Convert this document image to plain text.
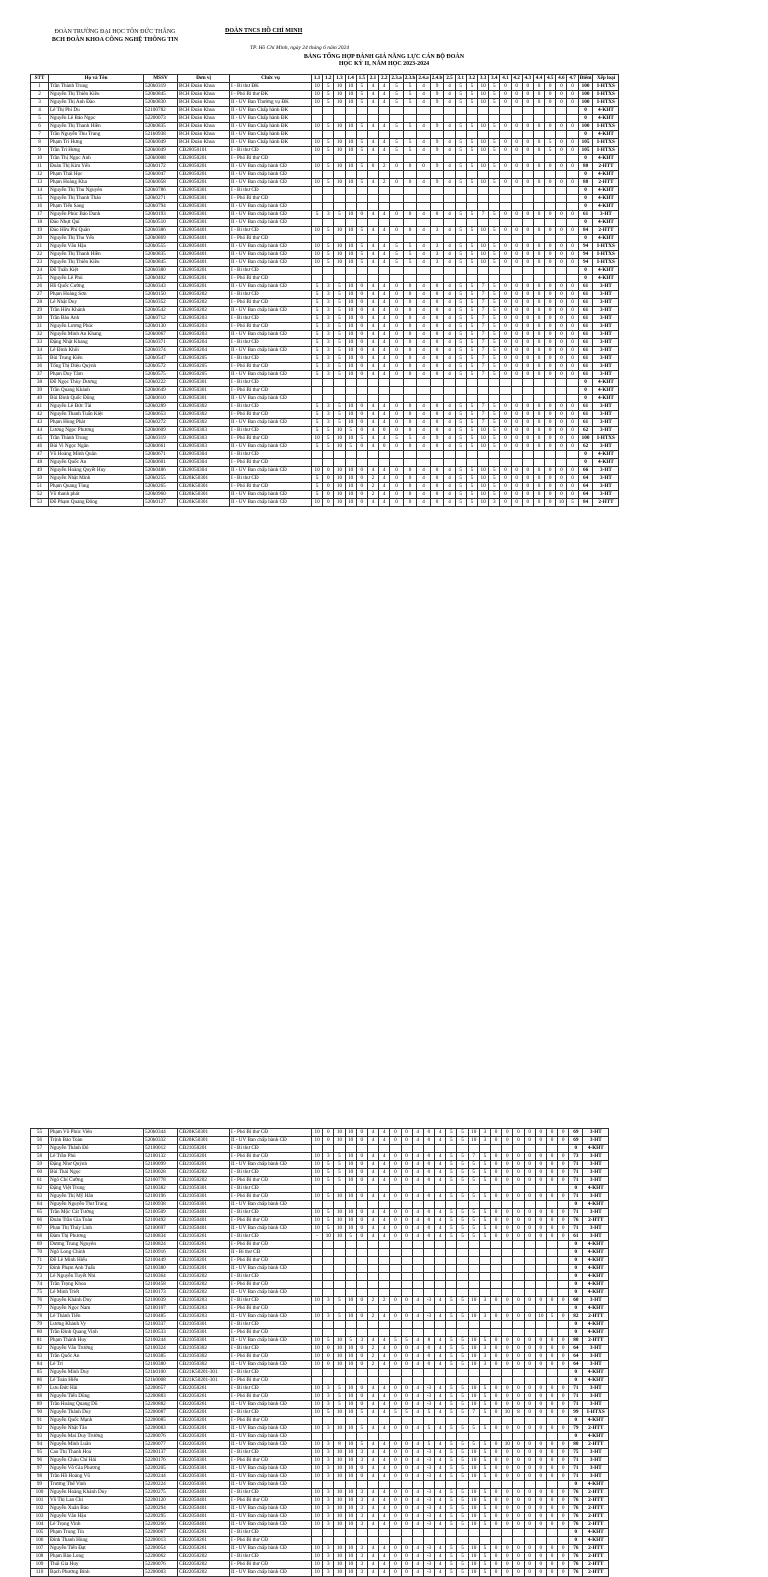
ĐOÀN TRƯỜNG ĐẠI HỌC TÔN ĐỨC THẮNG
BCH ĐOÀN KHOA CÔNG NGHỆ THÔNG TIN
ĐOÀN TNCS HỒ CHÍ MINH
TP. Hồ Chí Minh, ngày 24 tháng 6 năm 2024
BẢNG TỔNG HỢP ĐÁNH GIÁ NĂNG LỰC CÁN BỘ ĐOÀN
HỌC KỲ II, NĂM HỌC 2023-2024
STT	Họ và Tên	MSSV	Đơn vị	Chức vụ	1.1	1.2	1.3	1.4	1.5	2.1	2.2	2.3.a	2.3.b	2.4.a	2.4.b	2.5	3.1	3.2	3.3	3.4	4.1	4.2	4.3	4.4	4.5	4.6	4.7	Điểm	Xếp loại
1	Trần Thành Trung	520h0319	BCH Đoàn Khoa	I - Bí thư ĐK	10	5	10	10	5	4	4	5	5	4	9	4	5	5	10	5	0	0	0	0	0	0	0	100	I-HTXS
2	Nguyễn Thị Thiên Kiều	520h0845	BCH Đoàn Khoa	I - Phó Bí thư ĐK	10	5	10	10	5	4	4	5	5	4	9	4	5	5	10	5	0	0	0	0	0	0	0	100	I-HTXS
3	Nguyễn Thị Anh Đào	520h0830	BCH Đoàn Khoa	II - UV Ban Thường vụ ĐK	10	5	10	10	5	4	4	5	5	4	9	4	5	5	10	5	0	0	0	0	0	0	0	100	I-HTXS
4	Lê Thị Phi Du	52100782	BCH Đoàn Khoa	II - UV Ban Chấp hành ĐK																								0	4-KHT
5	Nguyễn Lê Bảo Ngọc	52200073	BCH Đoàn Khoa	II - UV Ban Chấp hành ĐK																								0	4-KHT
6	Nguyễn Thị Thanh Hiền	520h0835	BCH Đoàn Khoa	II - UV Ban Chấp hành ĐK	10	5	10	10	5	4	4	5	5	4	9	4	5	5	10	5	0	0	0	0	0	0	0	100	I-HTXS
7	Trần Nguyễn Thu Trang	521h0938	BCH Đoàn Khoa	II - UV Ban Chấp hành ĐK																								0	4-KHT
8	Phạm Trí Hưng	520h0049	BCH Đoàn Khoa	II - UV Ban Chấp hành ĐK	10	5	10	10	5	4	4	5	5	4	9	4	5	5	10	5	0	0	0	0	5	0	0	105	I-HTXS
9	Trần Trí Hưng	520h0049	CĐ20050101	I - Bí thư CĐ	10	5	10	10	5	4	4	5	5	4	9	4	5	5	10	5	0	0	0	0	5	0	0	105	I-HTXS
10	Trần Thị Ngọc Ánh	520h0008	CĐ20050201	I - Phó Bí thư CĐ																								0	4-KHT
11	Đoàn Thị Kim Yến	520h0172	CĐ20050201	II - UV Ban chấp hành CĐ	10	5	10	10	5	0	2	0	0	0	9	4	5	5	10	5	0	0	0	0	0	0	0	80	2-HTT
12	Phạm Thái Học	520h0047	CĐ20050201	II - UV Ban chấp hành CĐ																								0	4-KHT
13	Phạm Hoàng Kha	520h0058	CĐ20050201	II - UV Ban chấp hành CĐ	10	5	10	10	5	4	2	0	0	4	9	4	5	5	10	5	0	0	0	0	0	0	0	88	2-HTT
14	Nguyễn Thị Thu Nguyên	520h0786	CĐ20050301	I - Bí thư CĐ																								0	4-KHT
15	Nguyễn Thị Thanh Thảo	520h0271	CĐ20050301	I - Phó Bí thư CĐ																								0	4-KHT
16	Phạm Tiến Sang	520h0794	CĐ20050301	II - UV Ban chấp hành CĐ																								0	4-KHT
17	Nguyễn Phúc Bảo Danh	520h0193	CĐ20050301	II - UV Ban chấp hành CĐ	5	3	5	10	0	4	4	0	0	4	0	4	5	5	7	5	0	0	0	0	0	0	0	61	3-HT
18	Đào Nhựt Quí	520h0510	CĐ20050301	II - UV Ban chấp hành CĐ																								0	4-KHT
19	Đào Hữu Phi Quân	520h0386	CĐ20050401	I - Bí thư CĐ	10	5	10	10	5	4	4	0	0	4	3	4	5	5	10	5	0	0	0	0	0	0	0	84	2-HTT
20	Nguyễn Thị Thu Yến	520h0869	CĐ20050401	I - Phó Bí thư CĐ																								0	4-KHT
21	Nguyễn Văn Hậu	520h0555	CĐ20050401	II - UV Ban chấp hành CĐ	10	5	10	10	5	4	4	5	5	4	3	4	5	5	10	5	0	0	0	0	0	0	0	94	I-HTXS
22	Nguyễn Thị Thanh Hiền	520h0835	CĐ20050401	II - UV Ban chấp hành CĐ	10	5	10	10	5	4	4	5	5	4	3	4	5	5	10	5	0	0	0	0	0	0	0	94	I-HTXS
23	Nguyễn Thị Thiên Kiều	520h0845	CĐ20050401	II - UV Ban chấp hành CĐ	10	5	10	10	5	4	4	5	5	4	3	4	5	5	10	5	0	0	0	0	0	0	0	94	I-HTXS
24	Đỗ Tuấn Kiệt	520h0380	CĐ20050201	I - Bí thư CĐ																								0	4-KHT
25	Nguyễn Lê Phú	520h0402	CĐ20050201	I - Phó Bí thư CĐ																								0	4-KHT
26	Hồ Quốc Cường	520h0343	CĐ20050201	II - UV Ban chấp hành CĐ	5	3	5	10	0	4	4	0	0	4	0	4	5	5	7	5	0	0	0	0	0	0	0	61	3-HT
27	Phạm Hoàng Sơn	520h0150	CĐ20050202	I - Bí thư CĐ	5	3	5	10	0	4	4	0	0	4	0	4	5	5	7	5	0	0	0	0	0	0	0	61	3-HT
28	Lê Nhật Duy	520h0352	CĐ20050202	I - Phó Bí thư CĐ	5	3	5	10	0	4	4	0	0	4	0	4	5	5	7	5	0	0	0	0	0	0	0	61	3-HT
29	Trần Hữu Khánh	520h0542	CĐ20050202	II - UV Ban chấp hành CĐ	5	3	5	10	0	4	4	0	0	4	0	4	5	5	7	5	0	0	0	0	0	0	0	61	3-HT
30	Trần Bảo Anh	520h0712	CĐ20050203	I - Bí thư CĐ	5	3	5	10	0	4	4	0	0	4	0	4	5	5	7	5	0	0	0	0	0	0	0	61	3-HT
31	Nguyễn Lương Phúc	520h0130	CĐ20050203	I - Phó Bí thư CĐ	5	3	5	10	0	4	4	0	0	4	0	4	5	5	7	5	0	0	0	0	0	0	0	61	3-HT
32	Nguyễn Minh An Khang	520h0067	CĐ20050203	II - UV Ban chấp hành CĐ	5	3	5	10	0	4	4	0	0	4	0	4	5	5	7	5	0	0	0	0	0	0	0	61	3-HT
33	Đặng Nhật Khang	520h0371	CĐ20050204	I - Bí thư CĐ	5	3	5	10	0	4	4	0	0	4	0	4	5	5	7	5	0	0	0	0	0	0	0	61	3-HT
34	Lê Đình Khôi	520h0374	CĐ20050204	II - UV Ban chấp hành CĐ	5	3	5	10	0	4	4	0	0	4	0	4	5	5	7	5	0	0	0	0	0	0	0	61	3-HT
35	Bùi Trung Kiên	520h0547	CĐ20050205	I - Bí thư CĐ	5	3	5	10	0	4	4	0	0	4	0	4	5	5	7	5	0	0	0	0	0	0	0	61	3-HT
36	Tống Thị Diệu Quỳnh	520h0572	CĐ20050205	I - Phó Bí thư CĐ	5	3	5	10	0	4	4	0	0	4	0	4	5	5	7	5	0	0	0	0	0	0	0	61	3-HT
37	Phạm Duy Tâm	520h0575	CĐ20050205	II - UV Ban chấp hành CĐ	5	3	5	10	0	4	4	0	0	4	0	4	5	5	7	5	0	0	0	0	0	0	0	61	3-HT
38	Đỗ Ngọc Thùy Dương	520h0222	CĐ20050301	I - Bí thư CĐ																								0	4-KHT
39	Trần Quang Khánh	520h0649	CĐ20050301	I - Phó Bí thư CĐ																								0	4-KHT
40	Bùi Đình Quốc Đông	520h0610	CĐ20050301	II - UV Ban chấp hành CĐ																								0	4-KHT
41	Nguyễn Lê Đức Tài	520h0289	CĐ20050302	I - Bí thư CĐ	5	3	5	10	0	4	4	0	0	4	0	4	5	5	7	5	0	0	0	0	0	0	0	61	3-HT
42	Nguyễn Thanh Tuấn Kiệt	520h0653	CĐ20050302	I - Phó Bí thư CĐ	5	3	5	10	0	4	4	0	0	4	0	4	5	5	7	5	0	0	0	0	0	0	0	61	3-HT
43	Phạm Hùng Phát	520h0272	CĐ20050302	II - UV Ban chấp hành CĐ	5	3	5	10	0	4	4	0	0	4	0	4	5	5	7	5	0	0	0	0	0	0	0	61	3-HT
44	Lương Ngọc Phương	520h0609	CĐ20050303	I - Bí thư CĐ	5	5	10	5	0	4	0	0	0	4	0	4	5	5	10	5	0	0	0	0	0	0	0	62	3-HT
45	Trần Thành Trung	520h0319	CĐ20050303	I - Phó Bí thư CĐ	10	5	10	10	5	4	4	5	5	4	9	4	5	5	10	5	0	0	0	0	0	0	0	100	I-HTXS
46	Bùi Vi Ngọc Ngân	520h0661	CĐ20050303	II - UV Ban chấp hành CĐ	5	5	10	5	0	4	0	0	0	4	0	4	5	5	10	5	0	0	0	0	0	0	0	62	3-HT
47	Võ Hoàng Minh Quân	520h0671	CĐ20050304	I - Bí thư CĐ																								0	4-KHT
48	Nguyễn Quốc An	520h0601	CĐ20050304	I - Phó Bí thư CĐ																								0	4-KHT
49	Nguyễn Hoàng Quyết Huy	520h0486	CĐ20050304	II - UV Ban chấp hành CĐ	10	0	10	10	0	4	4	0	0	4	0	4	5	5	10	5	0	0	0	0	0	0	0	66	3-HT
50	Nguyễn Nhật Minh	520h0255	CĐ20K50301	I - Bí thư CĐ	5	0	10	10	0	2	4	0	0	4	0	4	5	5	10	5	0	0	0	0	0	0	0	64	3-HT
51	Phạm Quang Tùng	520h0265	CĐ20K50301	I - Phó Bí thư CĐ	5	0	10	10	0	2	4	0	0	4	0	4	5	5	10	5	0	0	0	0	0	0	0	64	3-HT
52	Võ thanh phát	520h0960	CĐ20K50301	II - UV Ban chấp hành CĐ	5	0	10	10	0	2	4	0	0	4	0	4	5	5	10	5	0	0	0	0	0	0	0	64	3-HT
53	Đỗ Phạm Quang Đông	520h0127	CĐ20K50301	II - UV Ban chấp hành CĐ	10	0	10	10	0	4	4	0	0	4	0	4	5	5	10	3	0	0	0	0	0	10	5	84	2-HTT
55	Phạm Võ Phúc Viên	520h0344	CĐ20K50301	I - Phó Bí thư CĐ	10	0	10	10	0	4	4	0	0	4	0	4	5	5	10	3	0	0	0	0	0	0	0	69	3-HT
56	Trịnh Bảo Toàn	520h0332	CĐ20K50301	II - UV Ban chấp hành CĐ	10	0	10	10	0	4	4	0	0	4	0	4	5	5	10	3	0	0	0	0	0	0	0	69	3-HT
57	Nguyễn Thành Đô	52100012	CĐ21050201	I - Bí thư CĐ																								0	4-KHT
58	Lê Trần Phú	52100132	CĐ21050201	I - Phó Bí thư CĐ	10	3	5	10	0	4	4	0	0	4	0	4	5	5	7	5	0	0	0	0	0	0	0	73	3-HT
59	Đặng Như Quỳnh	52100099	CĐ21050201	II - UV Ban chấp hành CĐ	10	5	5	10	0	4	4	0	0	4	0	4	5	5	5	5	0	0	0	0	0	0	0	71	3-HT
60	Bùi Thái Ngọc	52100028	CĐ21050202	I - Bí thư CĐ	10	5	5	10	0	4	4	0	0	4	0	4	5	5	5	5	0	0	0	0	0	0	0	71	3-HT
61	Ngô Chí Cường	52100778	CĐ21050202	I - Phó Bí thư CĐ	10	5	5	10	0	4	4	0	0	4	0	4	5	5	5	5	0	0	0	0	0	0	0	71	3-HT
62	Đặng Việt Trung	52100382	CĐ21050301	I - Bí thư CĐ																								0	4-KHT
63	Nguyễn Thị Mỹ Hân	52100196	CĐ21050301	I - Phó Bí thư CĐ	10	5	10	10	0	4	4	0	0	4	0	4	5	5	5	5	0	0	0	0	0	0	0	71	3-HT
64	Nguyễn Nguyễn Thư Trang	52100938	CĐ21050301	II - UV Ban chấp hành CĐ																								0	4-KHT
65	Trần Mộc Cát Tường	52100509	CĐ21050401	I - Bí thư CĐ	10	5	10	10	0	4	4	0	0	4	0	4	5	5	5	5	0	0	0	0	0	0	0	71	3-HT
66	Đoàn Trần Gia Toàn	52100492	CĐ21050401	I - Phó Bí thư CĐ	10	5	10	10	0	4	4	0	0	4	0	4	5	5	5	5	0	0	0	0	0	0	0	76	2-HTT
67	Phan Thị Thúy Linh	52100697	CĐ21050401	II - UV Ban chấp hành CĐ	10	5	10	10	0	4	4	0	0	4	0	4	5	5	5	5	0	0	0	0	0	0	0	71	3-HT
68	Đàm Thị Phương	52100834	CĐ21050261	I - Bí thư CĐ	-	10	10	5	0	4	4	0	0	4	0	4	5	5	5	5	0	0	0	0	0	0	0	61	3-HT
69	Dương Trung Nguyên	52100824	CĐ21050261	I - Phó Bí thư CĐ																								0	4-KHT
70	Ngô Long Chính	52100916	CĐ21050261	II - Bí thư CĐ																								0	4-KHT
71	Đỗ Lê Minh Hiếu	52100449	CĐ21050201	I - Phó Bí thư CĐ																								0	4-KHT
72	Đinh Phạm Anh Tuấn	52100380	CĐ21050201	II - UV Ban chấp hành CĐ																								0	4-KHT
73	Lê Nguyễn Tuyết Nhi	52100364	CĐ21050202	I - Bí thư CĐ																								0	4-KHT
74	Trần Trọng Khoa	52100458	CĐ21050202	I - Phó Bí thư CĐ																								0	4-KHT
75	Lê Minh Triết	52100173	CĐ21050202	II - UV Ban chấp hành CĐ																								0	4-KHT
76	Nguyễn Khánh Duy	52100039	CĐ21050203	I - Bí thư CĐ	10	3	5	10	0	2	2	0	0	4	-3	4	5	5	10	3	0	0	0	0	0	0	0	60	3-HT
77	Nguyễn Ngọc Nam	52100107	CĐ21050203	I - Phó Bí thư CĐ																								0	4-KHT
78	Lê Thành Tiến	52100485	CĐ21050203	II - UV Ban chấp hành CĐ	10	3	5	10	0	2	4	0	0	4	-3	4	5	5	10	3	0	0	0	0	10	5	0	82	2-HTT
79	Lương Khánh Vy	52100337	CĐ21050301	I - Bí thư CĐ																								0	4-KHT
80	Trần Đình Quang Vinh	52100533	CĐ21050301	I - Phó Bí thư CĐ																								0	4-KHT
81	Phạm Thành Huy	52100244	CĐ21050301	II - UV Ban chấp hành CĐ	10	5	10	5	3	4	4	5	5	4	8	4	5	5	10	5	0	0	0	0	0	0	0	88	2-HTT
82	Nguyễn Văn Trường	52100324	CĐ21050302	I - Bí thư CĐ	10	0	10	10	0	2	4	0	0	4	0	4	5	5	10	3	0	0	0	0	0	0	0	64	3-HT
83	Trần Quốc An	52100385	CĐ21050302	I - Phó Bí thư CĐ	10	0	10	10	0	2	4	0	0	4	0	4	5	5	10	3	0	0	0	0	0	0	0	64	3-HT
84	Lê Trí	52100380	CĐ21050302	II - UV Ban chấp hành CĐ	10	0	10	10	0	2	4	0	0	4	0	4	5	5	10	3	0	0	0	0	0	0	0	64	3-HT
85	Nguyễn Minh Duy	521h0100	CĐ21K50201-301	I - Bí thư CĐ																								0	4-KHT
86	Lê Toàn Hiếu	521h0008	CĐ21K50201-301	I - Phó Bí thư CĐ																								0	4-KHT
87	Lưu Đức Hải	52200657	CĐ22050261	I - Bí thư CĐ	10	3	5	10	0	4	4	0	0	4	-3	4	5	5	10	5	0	0	0	0	0	0	0	71	3-HT
88	Nguyễn Tiến Dũng	52200883	CĐ22050261	I - Phó Bí thư CĐ	10	3	5	10	0	4	4	0	0	4	-3	4	5	5	10	5	0	0	0	0	0	0	0	71	3-HT
89	Trần Hoàng Quang Dũ	52200882	CĐ22050261	II - UV Ban chấp hành CĐ	10	3	5	10	0	4	4	0	0	4	-3	4	5	5	10	5	0	0	0	0	0	0	0	71	3-HT
90	Nguyễn Thành Duy	52200087	CĐ22050201	I - Bí thư CĐ	10	5	10	10	5	4	4	5	5	4	5	4	5	5	7	5	0	10	8	0	0	0	0	99	I-HTXS
91	Nguyễn Quốc Mạnh	52200085	CĐ22050201	I - Phó Bí thư CĐ																								0	4-KHT
92	Nguyễn Nhật Tân	52200083	CĐ22050201	II - UV Ban chấp hành CĐ	10	3	10	10	5	4	4	0	0	4	5	4	5	5	5	5	0	0	0	0	0	0	0	79	2-HTT
93	Nguyễn Mai Duy Trường	52200076	CĐ22050201	II - UV Ban chấp hành CĐ																								0	4-KHT
94	Nguyễn Minh Luân	52200077	CĐ22050201	II - UV Ban chấp hành CĐ	10	3	8	10	5	4	4	0	0	4	5	4	5	5	5	5	0	10	0	0	0	0	0	88	2-HTT
95	Cao Thị Thanh Hoa	52200137	CĐ22050301	I - Bí thư CĐ	10	3	10	10	3	4	4	0	0	4	-3	4	5	5	10	5	0	0	0	0	0	0	0	75	3-HT
96	Nguyễn Châu Chí Hải	52200176	CĐ22050301	I - Phó Bí thư CĐ	10	3	10	10	3	4	4	0	0	4	-3	4	5	5	10	5	0	0	0	0	0	0	0	71	3-HT
97	Nguyễn Võ Gia Phương	52200205	CĐ22050301	II - UV Ban chấp hành CĐ	10	3	10	10	0	4	4	0	0	4	-3	4	5	5	10	5	0	0	0	0	0	0	0	71	3-HT
98	Trần Hồ Hoàng Vũ	52200244	CĐ22050301	II - UV Ban chấp hành CĐ	10	3	10	10	0	4	4	0	0	4	-3	4	5	5	10	5	0	0	0	0	0	0	0	71	3-HT
99	Trương Thế Vinh	52200224	CĐ22050301	II - UV Ban chấp hành CĐ																								0	4-KHT
100	Nguyễn Hoàng Khánh Duy	52200275	CĐ22050401	I - Bí thư CĐ	10	3	10	10	3	4	4	0	0	4	-3	4	5	5	10	5	0	0	0	0	0	0	0	76	2-HTT
101	Võ Thị Lan Chi	52200120	CĐ22050401	I - Phó Bí thư CĐ	10	3	10	10	3	4	4	0	0	4	-3	4	5	5	10	5	0	0	0	0	0	0	0	76	2-HTT
102	Nguyễn Xuân Bảo	52200294	CĐ22050401	II - UV Ban chấp hành CĐ	10	3	10	10	3	4	4	0	0	4	-3	4	5	5	10	5	0	0	0	0	0	0	0	76	2-HTT
103	Nguyễn Văn Hậu	52200295	CĐ22050401	II - UV Ban chấp hành CĐ	10	3	10	10	3	4	4	0	0	4	-3	4	5	5	10	5	0	0	0	0	0	0	0	76	2-HTT
104	Lê Trọng Vinh	52200266	CĐ22050401	II - UV Ban chấp hành CĐ	10	3	10	10	3	4	4	0	0	4	-3	4	5	5	10	5	0	0	0	0	0	0	0	76	2-HTT
105	Phạm Trung Tín	52200067	CĐ22050261	I - Bí thư CĐ																								0	4-KHT
106	Đinh Thanh Hùng	52200013	CĐ22050261	I - Phó Bí thư CĐ																								0	4-KHT
107	Nguyễn Tiến Đạt	52200054	CĐ22050261	II - UV Ban chấp hành CĐ	10	3	10	10	3	4	4	0	0	4	-3	4	5	5	10	5	0	0	0	0	0	0	0	76	2-HTT
108	Phạm Bảo Long	52200062	CĐ22050202	I - Bí thư CĐ	10	3	10	10	3	4	4	0	0	4	-3	4	5	5	10	5	0	0	0	0	0	0	0	76	2-HTT
109	Thái Gia Huy	52200076	CĐ22050202	I - Phó Bí thư CĐ	10	3	10	10	3	4	4	0	0	4	-3	4	5	5	10	5	0	0	0	0	0	0	0	76	2-HTT
110	Bạch Phương Bình	52200003	CĐ22050202	II - UV Ban chấp hành CĐ	10	3	10	10	3	4	4	0	0	4	-3	4	5	5	10	5	0	0	0	0	0	0	0	76	2-HTT
